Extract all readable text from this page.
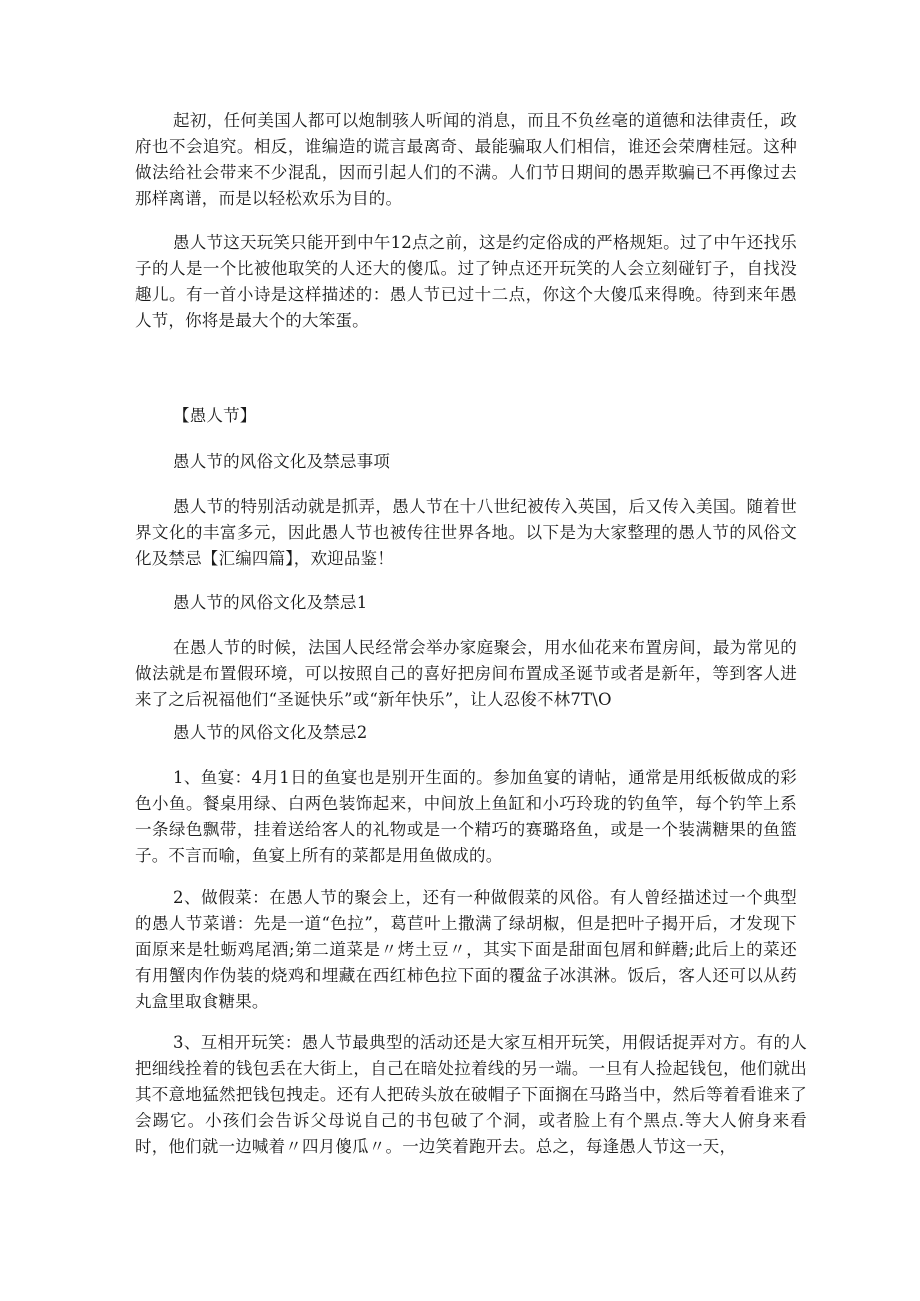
起初，任何美国人都可以炮制骇人听闻的消息，而且不负丝毫的道德和法律责任，政府也不会追究。相反，谁编造的谎言最离奇、最能骗取人们相信，谁还会荣膺桂冠。这种做法给社会带来不少混乱，因而引起人们的不满。人们节日期间的愚弄欺骗已不再像过去那样离谱，而是以轻松欢乐为目的。

愚人节这天玩笑只能开到中午12点之前，这是约定俗成的严格规矩。过了中午还找乐子的人是一个比被他取笑的人还大的傻瓜。过了钟点还开玩笑的人会立刻碰钉子，自找没趣儿。有一首小诗是这样描述的：愚人节已过十二点，你这个大傻瓜来得晚。待到来年愚人节，你将是最大个的大笨蛋。

【愚人节】

愚人节的风俗文化及禁忌事项

愚人节的特别活动就是抓弄，愚人节在十八世纪被传入英国，后又传入美国。随着世界文化的丰富多元，因此愚人节也被传往世界各地。以下是为大家整理的愚人节的风俗文化及禁忌【汇编四篇】，欢迎品鉴！

愚人节的风俗文化及禁忌1

在愚人节的时候，法国人民经常会举办家庭聚会，用水仙花来布置房间，最为常见的做法就是布置假环境，可以按照自己的喜好把房间布置成圣诞节或者是新年，等到客人进来了之后祝福他们“圣诞快乐”或“新年快乐”，让人忍俊不林7T\O

愚人节的风俗文化及禁忌2

1、鱼宴：4月1日的鱼宴也是别开生面的。参加鱼宴的请帖，通常是用纸板做成的彩色小鱼。餐桌用绿、白两色装饰起来，中间放上鱼缸和小巧玲珑的钓鱼竿，每个钓竿上系一条绿色飘带，挂着送给客人的礼物或是一个精巧的赛璐珞鱼，或是一个装满糖果的鱼篮子。不言而喻，鱼宴上所有的菜都是用鱼做成的。

2、做假菜：在愚人节的聚会上，还有一种做假菜的风俗。有人曾经描述过一个典型的愚人节菜谱：先是一道“色拉”，葛苣叶上撒满了绿胡椒，但是把叶子揭开后，才发现下面原来是牡蛎鸡尾酒;第二道菜是〃烤土豆〃，其实下面是甜面包屑和鲜蘑;此后上的菜还有用蟹肉作伪装的烧鸡和埋藏在西红柿色拉下面的覆盆子冰淇淋。饭后，客人还可以从药丸盒里取食糖果。

3、互相开玩笑：愚人节最典型的活动还是大家互相开玩笑，用假话捉弄对方。有的人把细线拴着的钱包丢在大街上，自己在暗处拉着线的另一端。一旦有人捡起钱包，他们就出其不意地猛然把钱包拽走。还有人把砖头放在破帽子下面搁在马路当中，然后等着看谁来了会踢它。小孩们会告诉父母说自己的书包破了个洞，或者脸上有个黑点.等大人俯身来看时，他们就一边喊着〃四月傻瓜〃。一边笑着跑开去。总之，每逢愚人节这一天，
